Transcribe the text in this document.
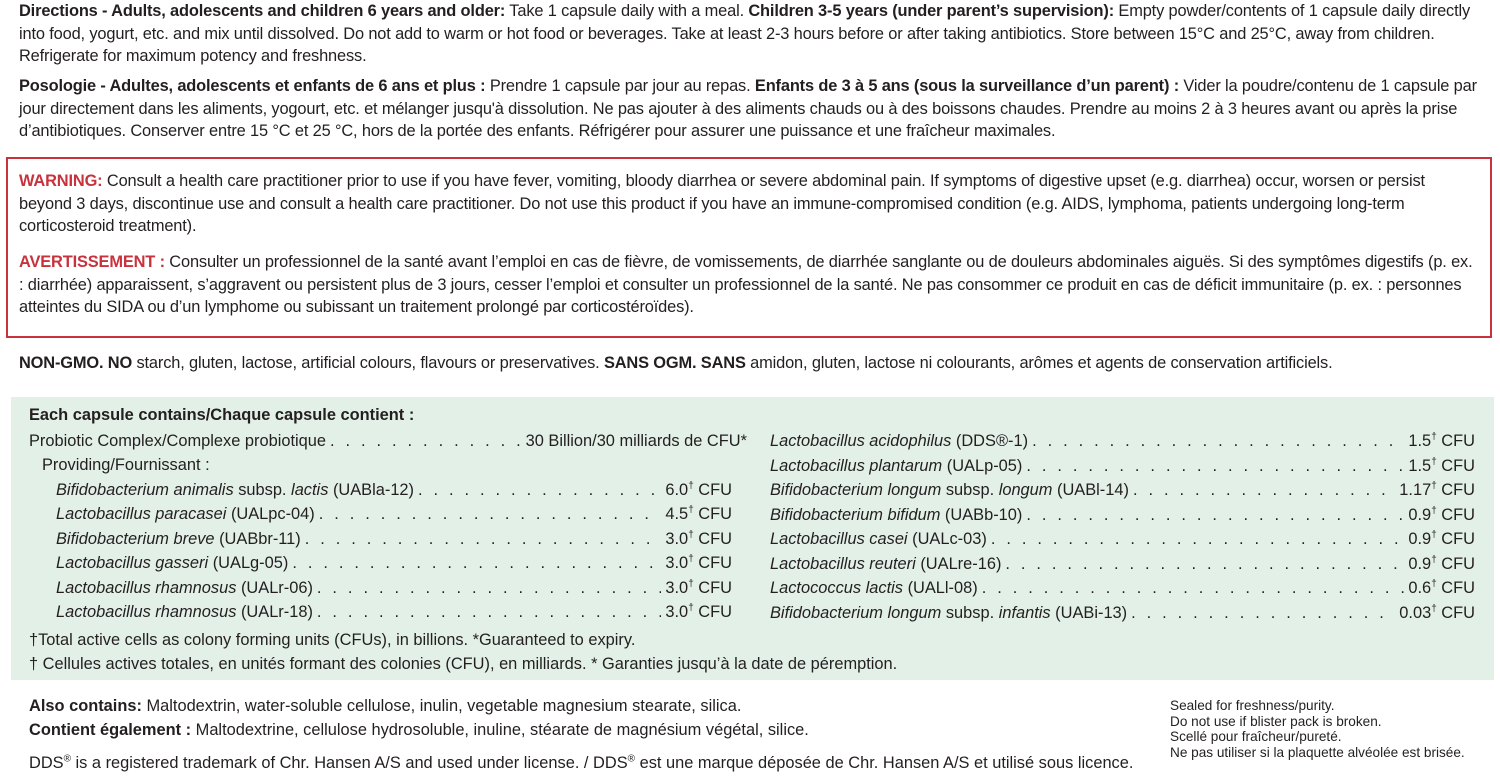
Directions - Adults, adolescents and children 6 years and older: Take 1 capsule daily with a meal. Children 3-5 years (under parent’s supervision): Empty powder/contents of 1 capsule daily directly into food, yogurt, etc. and mix until dissolved. Do not add to warm or hot food or beverages. Take at least 2-3 hours before or after taking antibiotics. Store between 15°C and 25°C, away from children. Refrigerate for maximum potency and freshness.
Posologie - Adultes, adolescents et enfants de 6 ans et plus : Prendre 1 capsule par jour au repas. Enfants de 3 à 5 ans (sous la surveillance d’un parent) : Vider la poudre/contenu de 1 capsule par jour directement dans les aliments, yogourt, etc. et mélanger jusqu'à dissolution. Ne pas ajouter à des aliments chauds ou à des boissons chaudes. Prendre au moins 2 à 3 heures avant ou après la prise d’antibiotiques. Conserver entre 15 °C et 25 °C, hors de la portée des enfants. Réfrigérer pour assurer une puissance et une fraîcheur maximales.
WARNING: Consult a health care practitioner prior to use if you have fever, vomiting, bloody diarrhea or severe abdominal pain. If symptoms of digestive upset (e.g. diarrhea) occur, worsen or persist beyond 3 days, discontinue use and consult a health care practitioner. Do not use this product if you have an immune-compromised condition (e.g. AIDS, lymphoma, patients undergoing long-term corticosteroid treatment).
AVERTISSEMENT : Consulter un professionnel de la santé avant l’emploi en cas de fièvre, de vomissements, de diarrhée sanglante ou de douleurs abdominales aiguës. Si des symptômes digestifs (p. ex. : diarrhée) apparaissent, s’aggravent ou persistent plus de 3 jours, cesser l’emploi et consulter un professionnel de la santé. Ne pas consommer ce produit en cas de déficit immunitaire (p. ex. : personnes atteintes du SIDA ou d’un lymphome ou subissant un traitement prolongé par corticostéroïdes).
NON-GMO. NO starch, gluten, lactose, artificial colours, flavours or preservatives. SANS OGM. SANS amidon, gluten, lactose ni colourants, arômes et agents de conservation artificiels.
Each capsule contains/Chaque capsule contient :
Probiotic Complex/Complexe probiotique . . .	30 Billion/30 milliards de CFU*
Providing/Fournissant :
Bifidobacterium animalis subsp. lactis (UABla-12) . . .	6.0† CFU
Lactobacillus paracasei (UALpc-04) . . .	4.5† CFU
Bifidobacterium breve (UABbr-11) . . .	3.0† CFU
Lactobacillus gasseri (UALg-05) . . .	3.0† CFU
Lactobacillus rhamnosus (UALr-06) . . .	3.0† CFU
Lactobacillus rhamnosus (UALr-18) . . .	3.0† CFU
Lactobacillus acidophilus (DDS®-1) . . .	1.5† CFU
Lactobacillus plantarum (UALp-05) . . .	1.5† CFU
Bifidobacterium longum subsp. longum (UABl-14) . . .	1.17† CFU
Bifidobacterium bifidum (UABb-10) . . .	0.9† CFU
Lactobacillus casei (UALc-03) . . .	0.9† CFU
Lactobacillus reuteri (UALre-16) . . .	0.9† CFU
Lactococcus lactis (UALl-08) . . .	0.6† CFU
Bifidobacterium longum subsp. infantis (UABi-13) . . .	0.03† CFU
†Total active cells as colony forming units (CFUs), in billions. *Guaranteed to expiry.
† Cellules actives totales, en unités formant des colonies (CFU), en milliards. * Garanties jusqu’à la date de péremption.
Also contains: Maltodextrin, water-soluble cellulose, inulin, vegetable magnesium stearate, silica.
Contient également : Maltodextrine, cellulose hydrosoluble, inuline, stéarate de magnésium végétal, silice.
DDS® is a registered trademark of Chr. Hansen A/S and used under license. / DDS® est une marque déposée de Chr. Hansen A/S et utilisé sous licence.
Sealed for freshness/purity.
Do not use if blister pack is broken.
Scellé pour fraîcheur/pureté.
Ne pas utiliser si la plaquette alvéolée est brisée.
